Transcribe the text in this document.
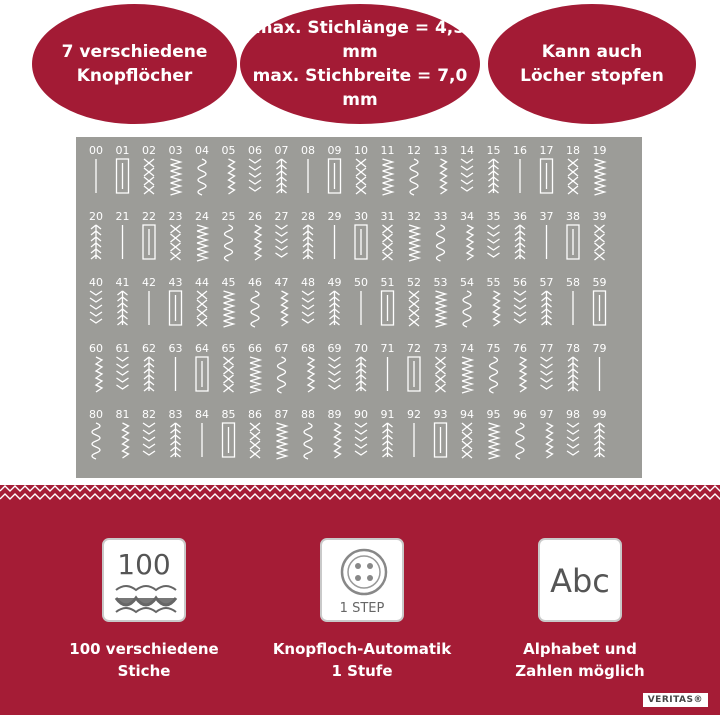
7 verschiedene
Knopflöcher
max. Stichlänge = 4,5 mm
max. Stichbreite = 7,0 mm
Kann auch
Löcher stopfen
00 01 02 03 04 05 06 07 08 09 10 11 12 13 14 15 16 17 18 19
20 21 22 23 24 25 26 27 28 29 30 31 32 33 34 35 36 37 38 39
40 41 42 43 44 45 46 47 48 49 50 51 52 53 54 55 56 57 58 59
60 61 62 63 64 65 66 67 68 69 70 71 72 73 74 75 76 77 78 79
80 81 82 83 84 85 86 87 88 89 90 91 92 93 94 95 96 97 98 99
100
100 verschiedene Stiche
1 STEP
Knopfloch-Automatik
1 Stufe
Abc
Alphabet und
Zahlen möglich
VERITAS®
